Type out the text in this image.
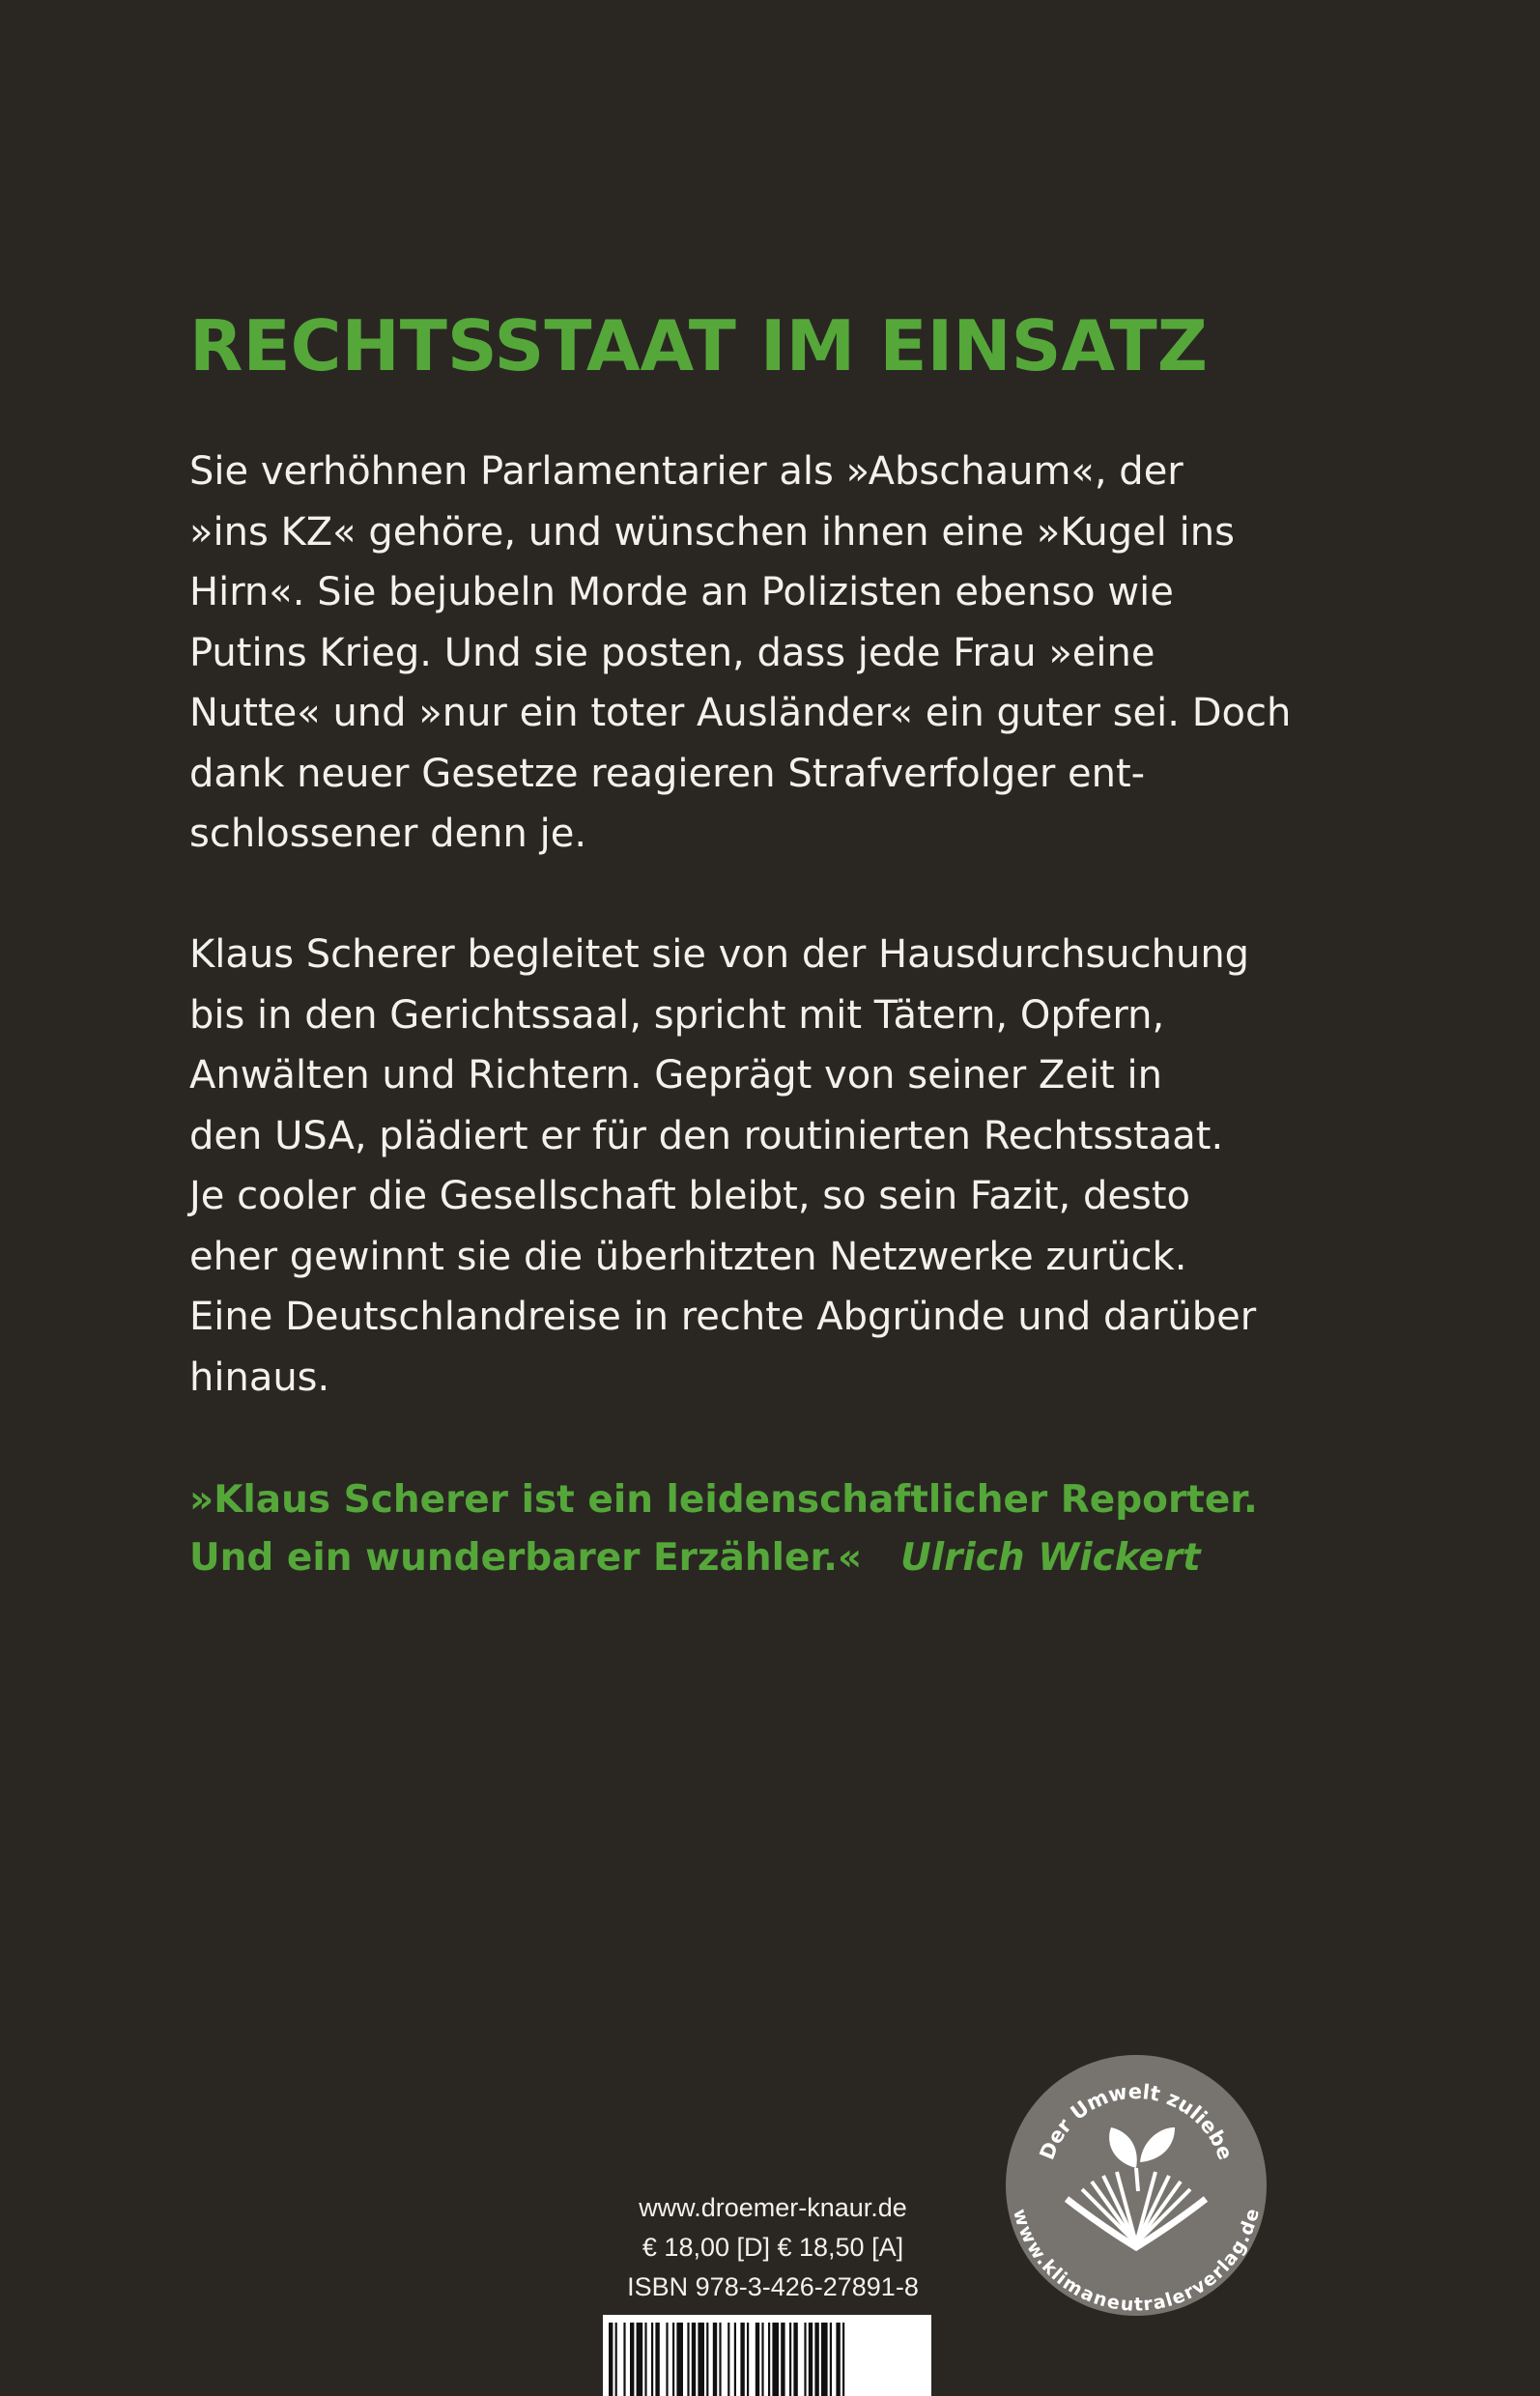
RECHTSSTAAT IM EINSATZ
Sie verhöhnen Parlamentarier als »Abschaum«, der
»ins KZ« gehöre, und wünschen ihnen eine »Kugel ins
Hirn«. Sie bejubeln Morde an Polizisten ebenso wie
Putins Krieg. Und sie posten, dass jede Frau »eine
Nutte« und »nur ein toter Ausländer« ein guter sei. Doch
dank neuer Gesetze reagieren Strafverfolger ent-
schlossener denn je.
Klaus Scherer begleitet sie von der Hausdurchsuchung
bis in den Gerichtssaal, spricht mit Tätern, Opfern,
Anwälten und Richtern. Geprägt von seiner Zeit in
den USA, plädiert er für den routinierten Rechtsstaat.
Je cooler die Gesellschaft bleibt, so sein Fazit, desto
eher gewinnt sie die überhitzten Netzwerke zurück.
Eine Deutschlandreise in rechte Abgründe und darüber
hinaus.
»Klaus Scherer ist ein leidenschaftlicher Reporter.
Und ein wunderbarer Erzähler.« Ulrich Wickert
www.droemer-knaur.de
€ 18,00 [D] € 18,50 [A]
ISBN 978-3-426-27891-8
Der Umwelt zuliebe
www.klimaneutralerverlag.de
